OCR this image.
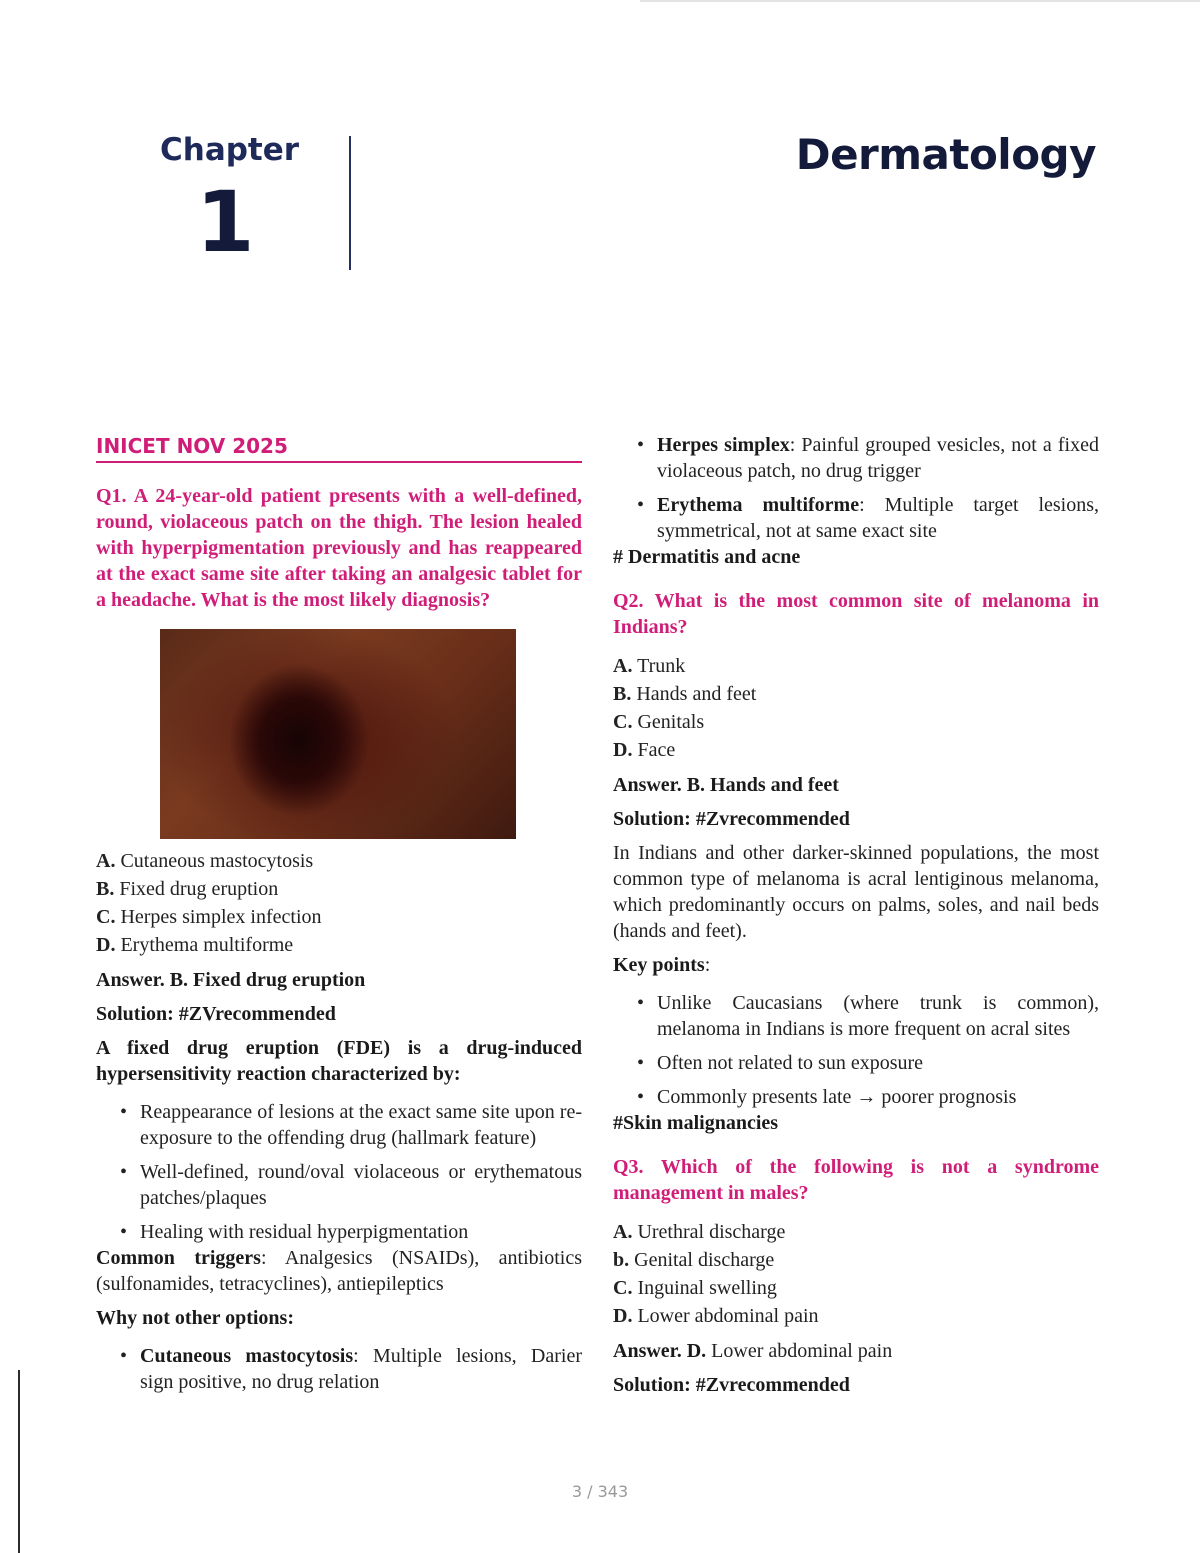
Chapter

1

Dermatology
INICET NOV 2025

Q1. A 24-year-old patient presents with a well-defined, round, violaceous patch on the thigh. The lesion healed with hyperpigmentation previously and has reappeared at the exact same site after taking an analgesic tablet for a headache. What is the most likely diagnosis?

A. Cutaneous mastocytosis
B. Fixed drug eruption
C. Herpes simplex infection
D. Erythema multiforme

Answer. B. Fixed drug eruption

Solution: #ZVrecommended

A fixed drug eruption (FDE) is a drug-induced hypersensitivity reaction characterized by:

• Reappearance of lesions at the exact same site upon re-exposure to the offending drug (hallmark feature)
• Well-defined, round/oval violaceous or erythematous patches/plaques
• Healing with residual hyperpigmentation

Common triggers: Analgesics (NSAIDs), antibiotics (sulfonamides, tetracyclines), antiepileptics

Why not other options:

• Cutaneous mastocytosis: Multiple lesions, Darier sign positive, no drug relation
• Herpes simplex: Painful grouped vesicles, not a fixed violaceous patch, no drug trigger
• Erythema multiforme: Multiple target lesions, symmetrical, not at same exact site

# Dermatitis and acne

Q2. What is the most common site of melanoma in Indians?

A. Trunk
B. Hands and feet
C. Genitals
D. Face

Answer. B. Hands and feet

Solution: #Zvrecommended

In Indians and other darker-skinned populations, the most common type of melanoma is acral lentiginous melanoma, which predominantly occurs on palms, soles, and nail beds (hands and feet).

Key points:

• Unlike Caucasians (where trunk is common), melanoma in Indians is more frequent on acral sites
• Often not related to sun exposure
• Commonly presents late → poorer prognosis

#Skin malignancies

Q3. Which of the following is not a syndrome management in males?

A. Urethral discharge
b. Genital discharge
C. Inguinal swelling
D. Lower abdominal pain

Answer. D. Lower abdominal pain

Solution: #Zvrecommended

3 / 343
